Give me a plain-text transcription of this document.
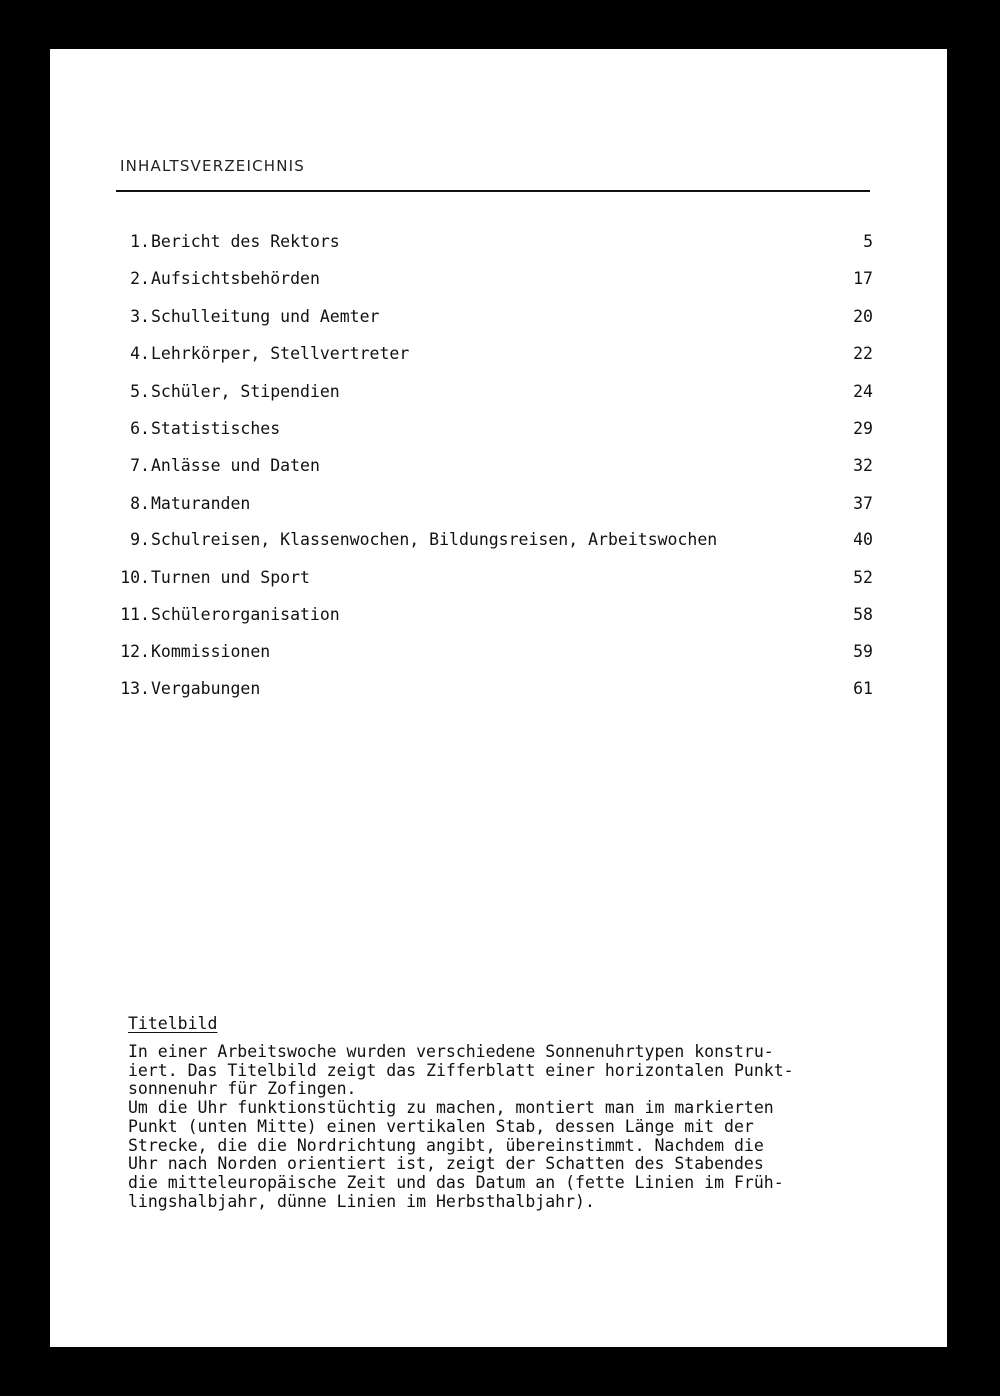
INHALTSVERZEICHNIS
1. Bericht des Rektors	5
2. Aufsichtsbehörden	17
3. Schulleitung und Aemter	20
4. Lehrkörper, Stellvertreter	22
5. Schüler, Stipendien	24
6. Statistisches	29
7. Anlässe und Daten	32
8. Maturanden	37
9. Schulreisen, Klassenwochen, Bildungsreisen, Arbeitswochen	40
10. Turnen und Sport	52
11. Schülerorganisation	58
12. Kommissionen	59
13. Vergabungen	61
Titelbild
In einer Arbeitswoche wurden verschiedene Sonnenuhrtypen konstru-
iert. Das Titelbild zeigt das Zifferblatt einer horizontalen Punkt-
sonnenuhr für Zofingen.
Um die Uhr funktionstüchtig zu machen, montiert man im markierten
Punkt (unten Mitte) einen vertikalen Stab, dessen Länge mit der
Strecke, die die Nordrichtung angibt, übereinstimmt. Nachdem die
Uhr nach Norden orientiert ist, zeigt der Schatten des Stabendes
die mitteleuropäische Zeit und das Datum an (fette Linien im Früh-
lingshalbjahr, dünne Linien im Herbsthalbjahr).
